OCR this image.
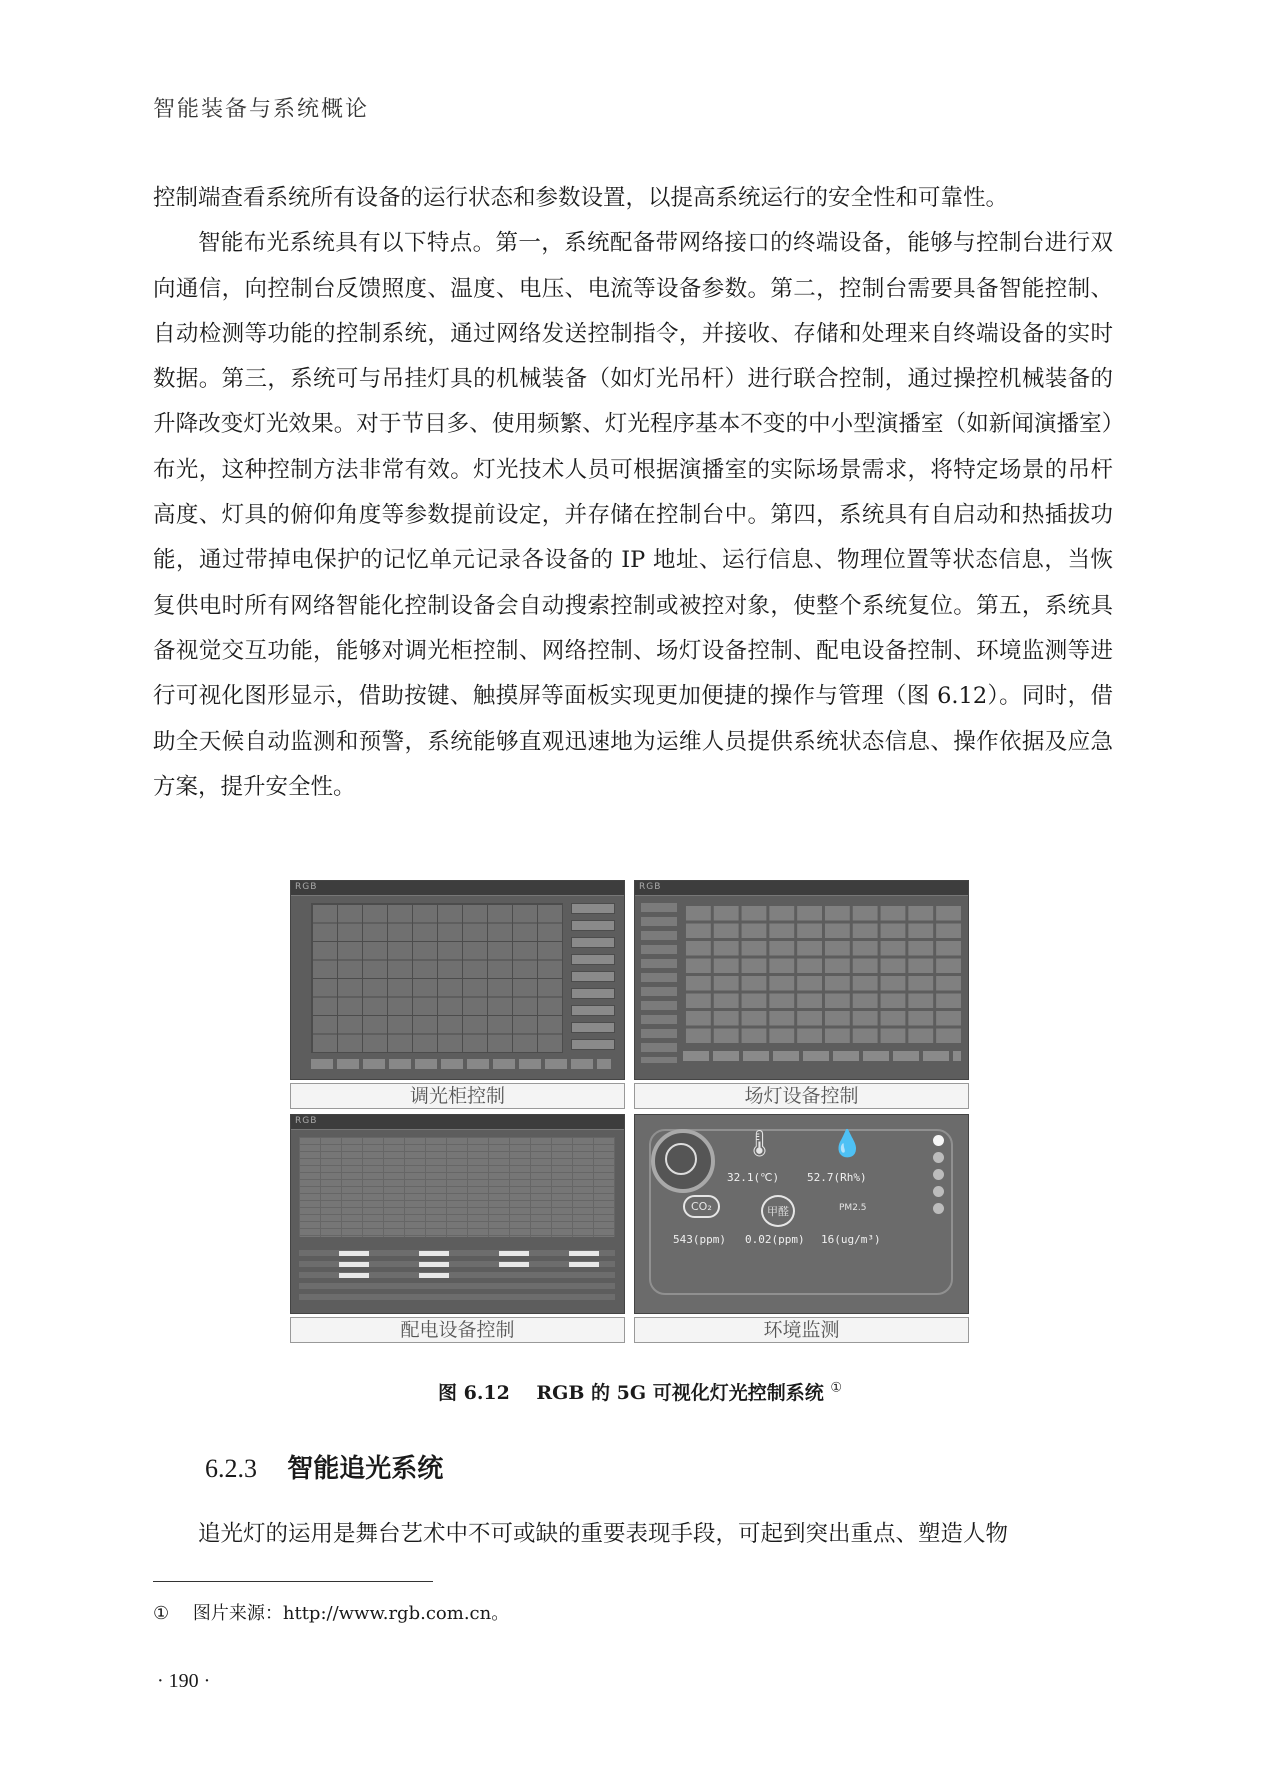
智能装备与系统概论

控制端查看系统所有设备的运行状态和参数设置，以提高系统运行的安全性和可靠性。

智能布光系统具有以下特点。第一，系统配备带网络接口的终端设备，能够与控制台进行双向通信，向控制台反馈照度、温度、电压、电流等设备参数。第二，控制台需要具备智能控制、自动检测等功能的控制系统，通过网络发送控制指令，并接收、存储和处理来自终端设备的实时数据。第三，系统可与吊挂灯具的机械装备（如灯光吊杆）进行联合控制，通过操控机械装备的升降改变灯光效果。对于节目多、使用频繁、灯光程序基本不变的中小型演播室（如新闻演播室）布光，这种控制方法非常有效。灯光技术人员可根据演播室的实际场景需求，将特定场景的吊杆高度、灯具的俯仰角度等参数提前设定，并存储在控制台中。第四，系统具有自启动和热插拔功能，通过带掉电保护的记忆单元记录各设备的 IP 地址、运行信息、物理位置等状态信息，当恢复供电时所有网络智能化控制设备会自动搜索控制或被控对象，使整个系统复位。第五，系统具备视觉交互功能，能够对调光柜控制、网络控制、场灯设备控制、配电设备控制、环境监测等进行可视化图形显示，借助按键、触摸屏等面板实现更加便捷的操作与管理（图 6.12）。同时，借助全天候自动监测和预警，系统能够直观迅速地为运维人员提供系统状态信息、操作依据及应急方案，提升安全性。

RGB
调光柜控制
RGB
场灯设备控制
RGB
配电设备控制
🌡
32.1(℃)
💧
52.7(Rh%)
CO₂
543(ppm)
甲醛
0.02(ppm)
PM2.5
16(ug/m³)
环境监测
图 6.12 RGB 的 5G 可视化灯光控制系统 ①
6.2.3 智能追光系统
追光灯的运用是舞台艺术中不可或缺的重要表现手段，可起到突出重点、塑造人物
① 图片来源：http://www.rgb.com.cn。
· 190 ·
